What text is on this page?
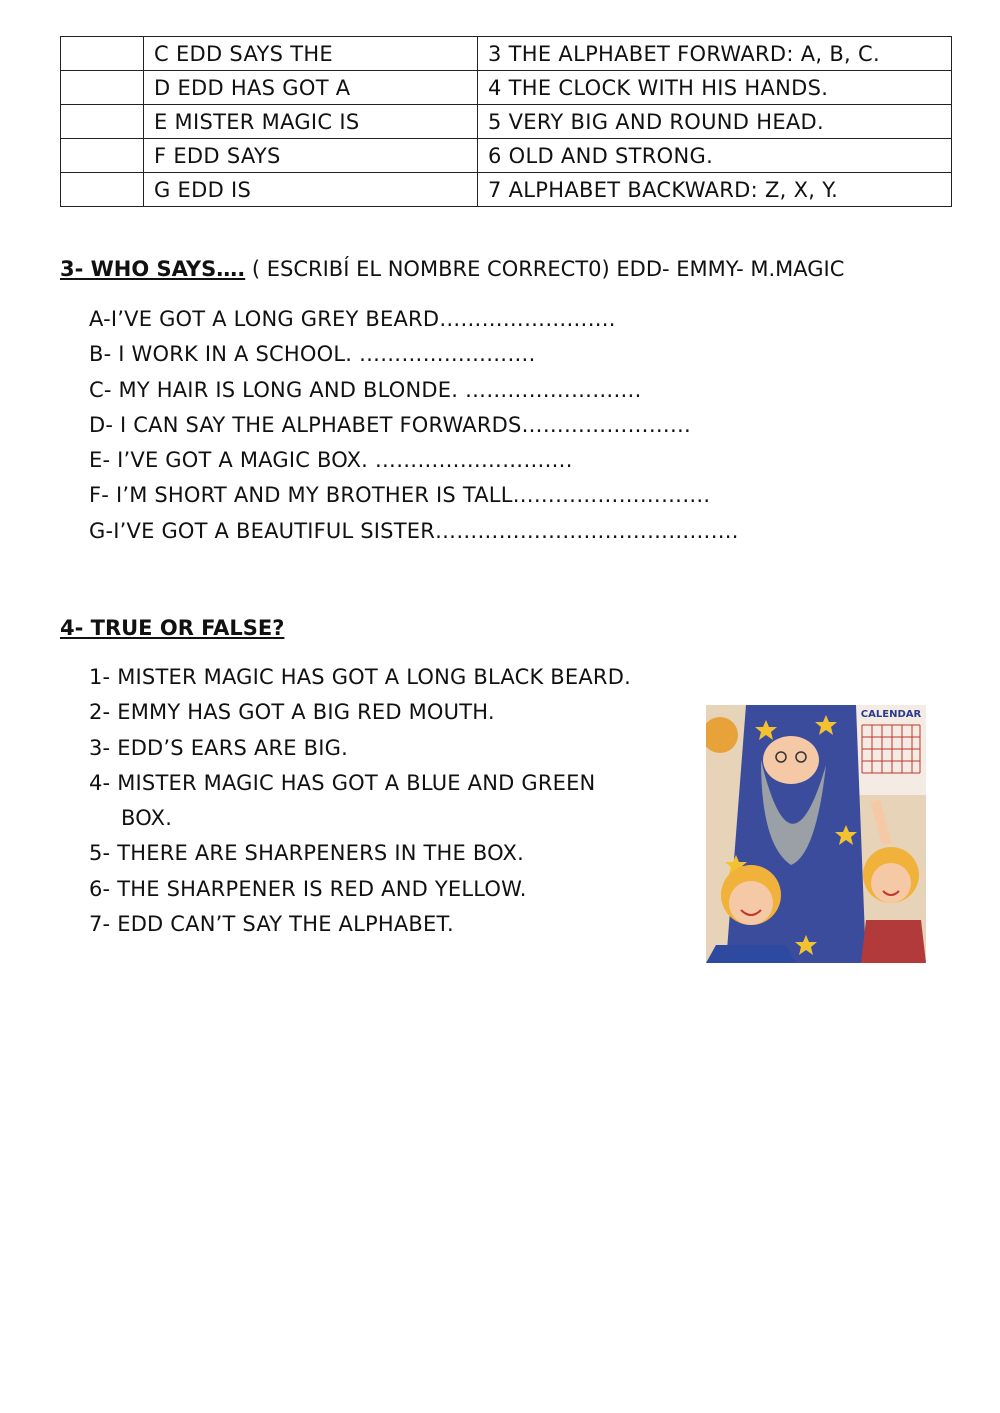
	C EDD SAYS THE	3 THE ALPHABET FORWARD: A, B, C.
	D EDD HAS GOT A	4 THE CLOCK WITH HIS HANDS.
	E MISTER MAGIC IS	5 VERY BIG AND ROUND HEAD.
	F EDD SAYS	6 OLD AND STRONG.
	G EDD IS	7 ALPHABET BACKWARD: Z, X, Y.
3- WHO SAYS…. ( ESCRIBÍ EL NOMBRE CORRECT0) EDD- EMMY- M.MAGIC
A-I’VE GOT A LONG GREY BEARD…………………….
B- I WORK IN A SCHOOL. …………………….
C- MY HAIR IS LONG AND BLONDE. …………………….
D- I CAN SAY THE ALPHABET FORWARDS……………………
E- I’VE GOT A MAGIC BOX. ……………………….
F- I’M SHORT AND MY BROTHER IS TALL……………………….
G-I’VE GOT A BEAUTIFUL SISTER…………………………………….
4- TRUE OR FALSE?
1- MISTER MAGIC HAS GOT A LONG BLACK BEARD.
2- EMMY HAS GOT A BIG RED MOUTH.
3- EDD’S EARS ARE BIG.
4- MISTER MAGIC HAS GOT A BLUE AND GREEN
BOX.
5- THERE ARE SHARPENERS IN THE BOX.
6- THE SHARPENER IS RED AND YELLOW.
7- EDD CAN’T SAY THE ALPHABET.
CALENDAR
